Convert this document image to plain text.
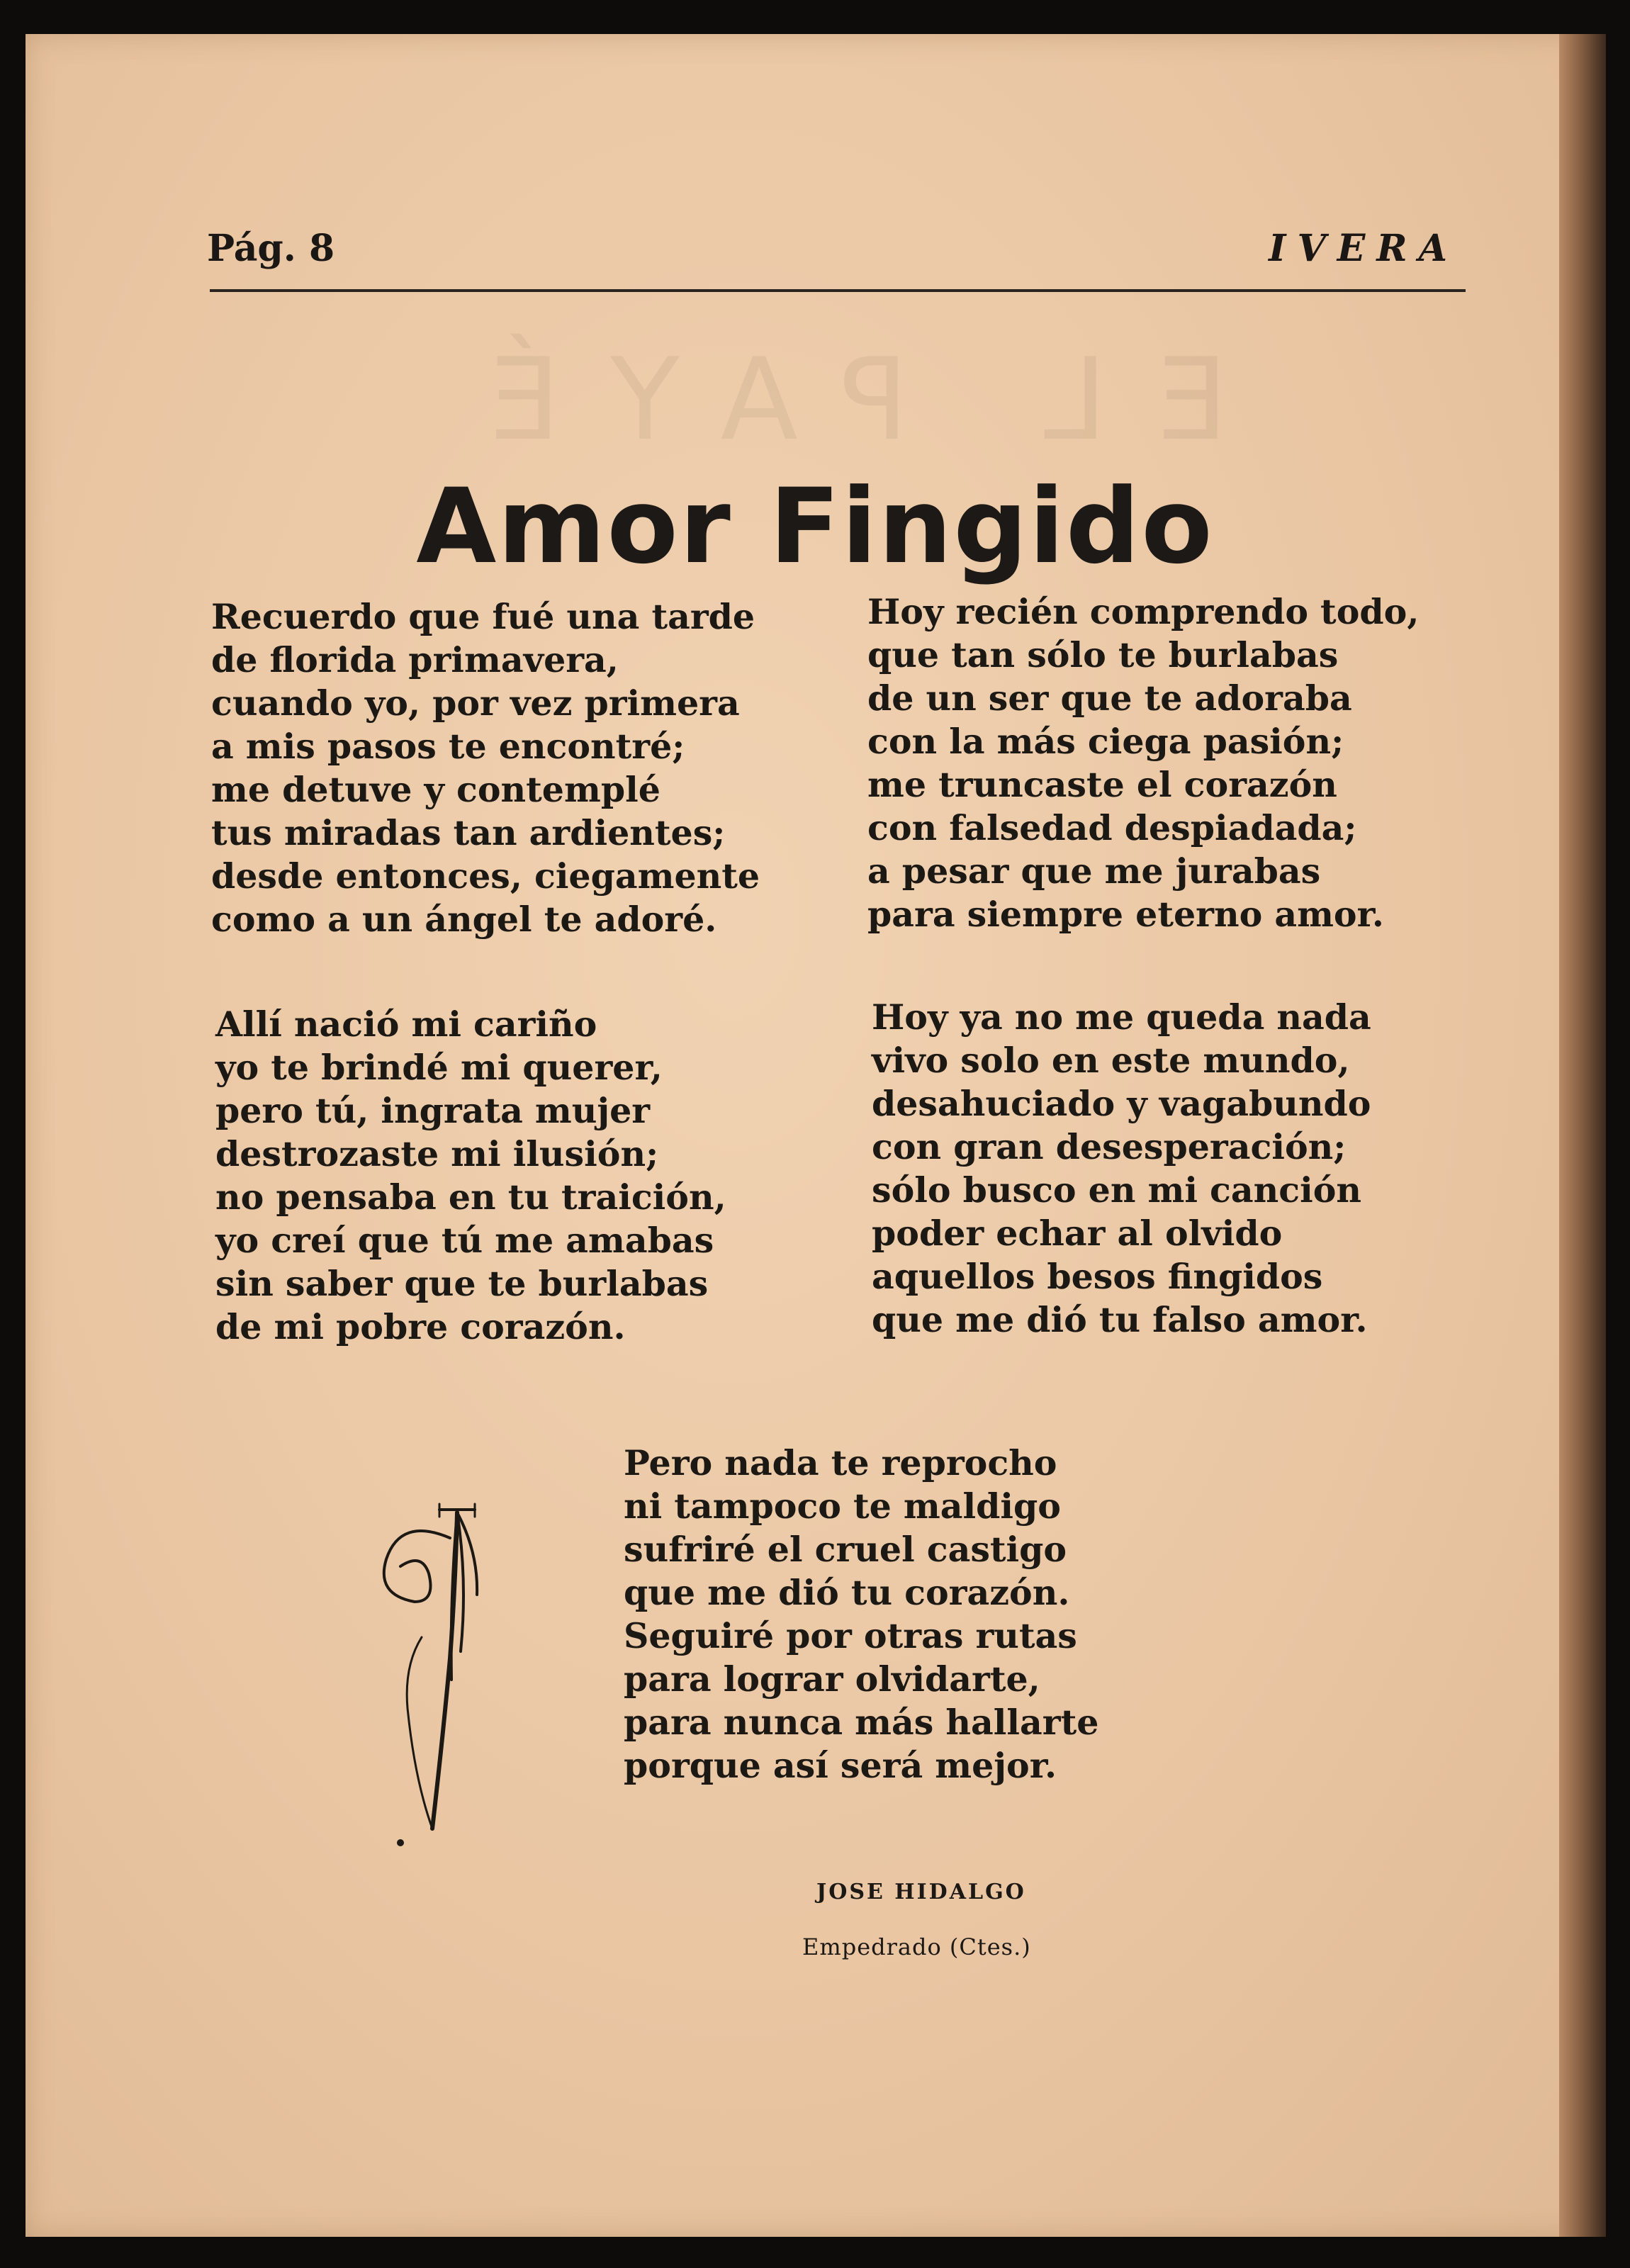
EL PAYÉ
Pág. 8	IVERA
Amor Fingido
Recuerdo que fué una tarde
de florida primavera,
cuando yo, por vez primera
a mis pasos te encontré;
me detuve y contemplé
tus miradas tan ardientes;
desde entonces, ciegamente
como a un ángel te adoré.
Hoy recién comprendo todo,
que tan sólo te burlabas
de un ser que te adoraba
con la más ciega pasión;
me truncaste el corazón
con falsedad despiadada;
a pesar que me jurabas
para siempre eterno amor.
Allí nació mi cariño
yo te brindé mi querer,
pero tú, ingrata mujer
destrozaste mi ilusión;
no pensaba en tu traición,
yo creí que tú me amabas
sin saber que te burlabas
de mi pobre corazón.
Hoy ya no me queda nada
vivo solo en este mundo,
desahuciado y vagabundo
con gran desesperación;
sólo busco en mi canción
poder echar al olvido
aquellos besos fingidos
que me dió tu falso amor.
Pero nada te reprocho
ni tampoco te maldigo
sufriré el cruel castigo
que me dió tu corazón.
Seguiré por otras rutas
para lograr olvidarte,
para nunca más hallarte
porque así será mejor.
JOSE HIDALGO
Empedrado (Ctes.)
